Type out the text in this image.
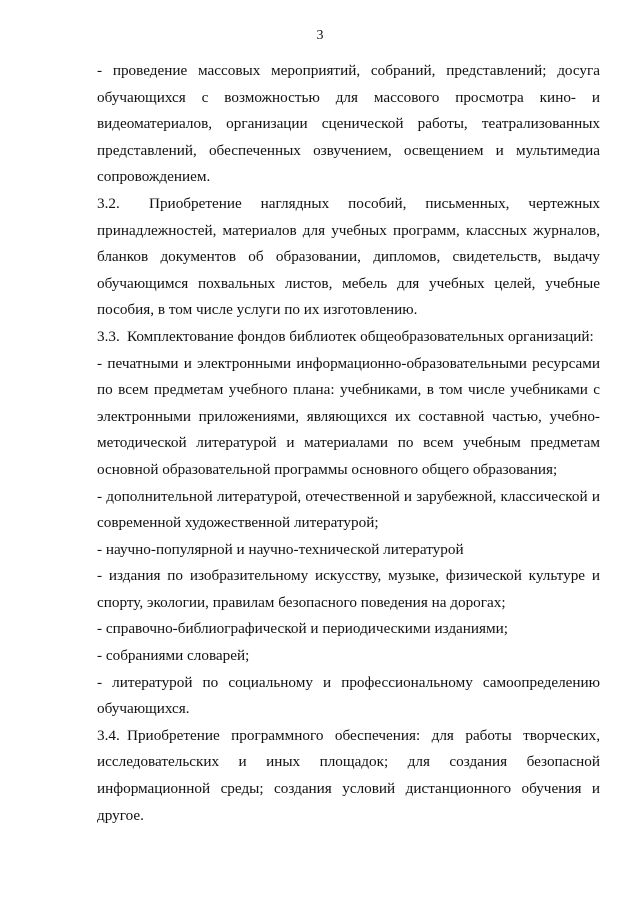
3

- проведение массовых мероприятий, собраний, представлений; досуга обучающихся с возможностью для массового просмотра кино- и видеоматериалов, организации сценической работы, театрализованных представлений, обеспеченных озвучением, освещением и мультимедиа сопровождением.

3.2. Приобретение наглядных пособий, письменных, чертежных принадлежностей, материалов для учебных программ, классных журналов, бланков документов об образовании, дипломов, свидетельств, выдачу обучающимся похвальных листов, мебель для учебных целей, учебные пособия, в том числе услуги по их изготовлению.

3.3. Комплектование фондов библиотек общеобразовательных организаций:

- печатными и электронными информационно-образовательными ресурсами по всем предметам учебного плана: учебниками, в том числе учебниками с электронными приложениями, являющихся их составной частью, учебно-методической литературой и материалами по всем учебным предметам основной образовательной программы основного общего образования;

- дополнительной литературой, отечественной и зарубежной, классической и современной художественной литературой;

- научно-популярной и научно-технической литературой

- издания по изобразительному искусству, музыке, физической культуре и спорту, экологии, правилам безопасного поведения на дорогах;

- справочно-библиографической и периодическими изданиями;

- собраниями словарей;

- литературой по социальному и профессиональному самоопределению обучающихся.

3.4. Приобретение программного обеспечения: для работы творческих, исследовательских и иных площадок; для создания безопасной информационной среды; создания условий дистанционного обучения и другое.
